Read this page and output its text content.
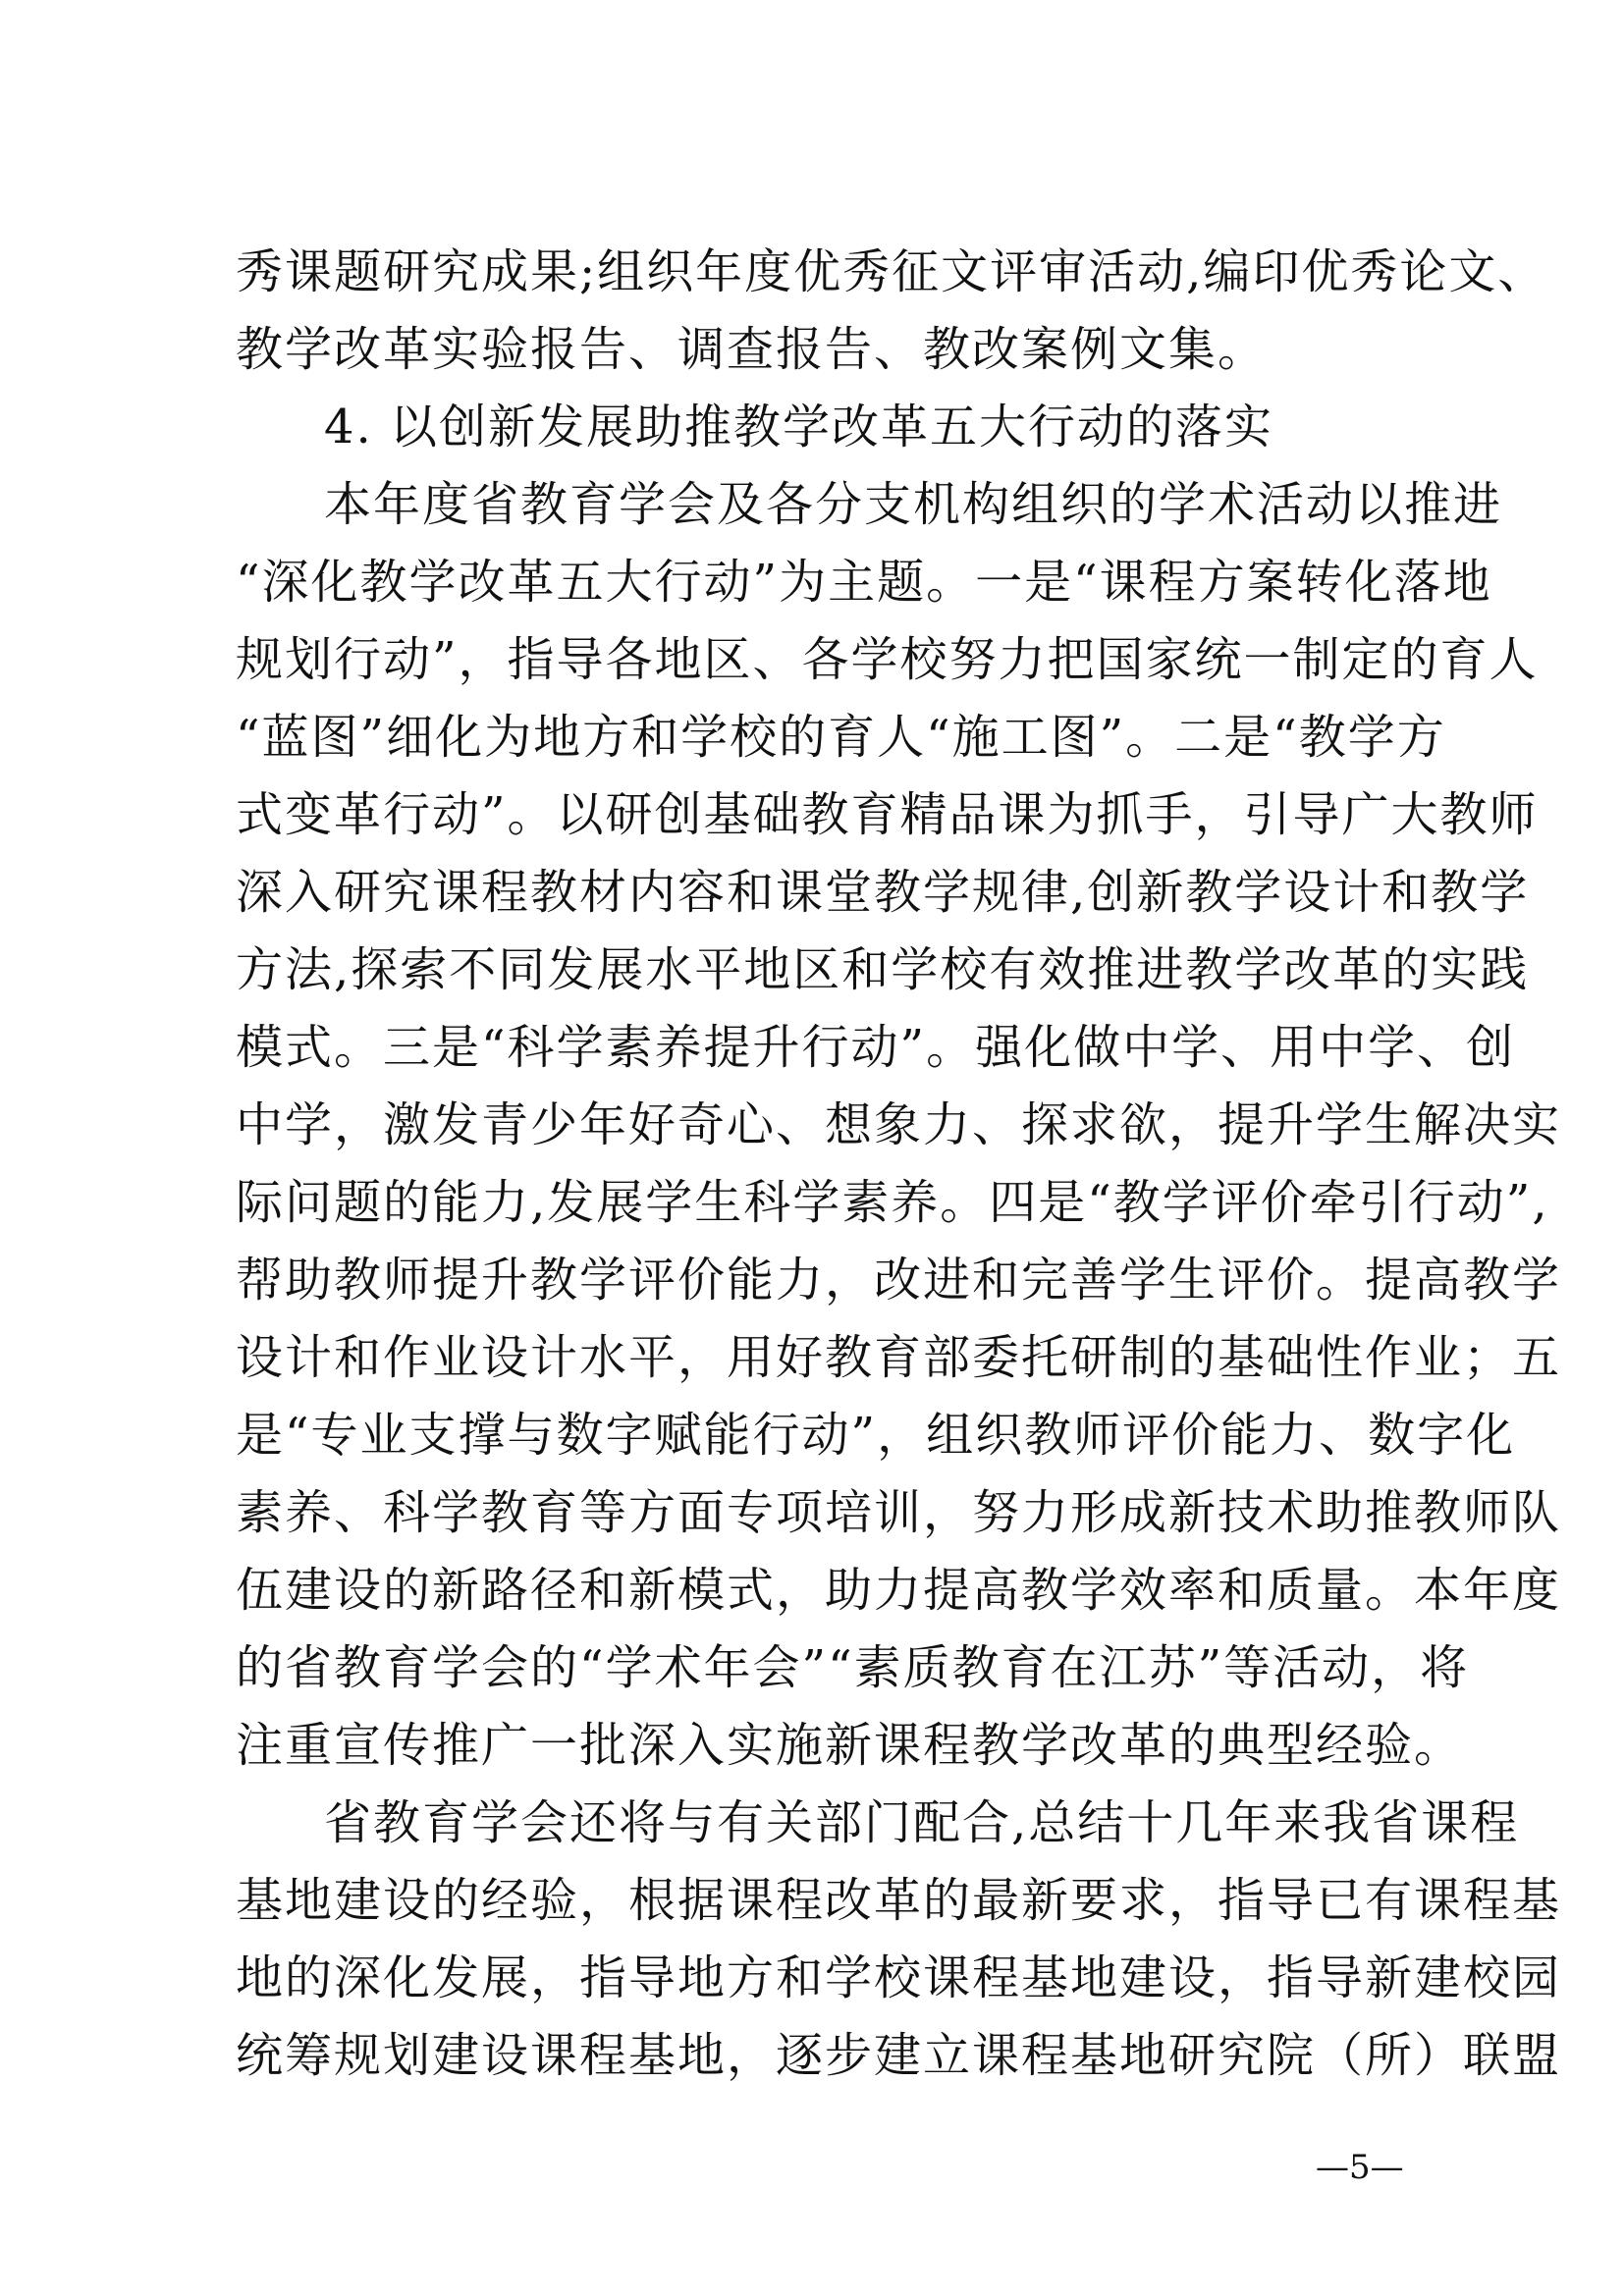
秀课题研究成果;组织年度优秀征文评审活动,编印优秀论文、
教学改革实验报告、调查报告、教改案例文集。
4. 以创新发展助推教学改革五大行动的落实
本年度省教育学会及各分支机构组织的学术活动以推进
“深化教学改革五大行动”为主题。一是“课程方案转化落地
规划行动”，指导各地区、各学校努力把国家统一制定的育人
“蓝图”细化为地方和学校的育人“施工图”。二是“教学方
式变革行动”。以研创基础教育精品课为抓手，引导广大教师
深入研究课程教材内容和课堂教学规律,创新教学设计和教学
方法,探索不同发展水平地区和学校有效推进教学改革的实践
模式。三是“科学素养提升行动”。强化做中学、用中学、创
中学，激发青少年好奇心、想象力、探求欲，提升学生解决实
际问题的能力,发展学生科学素养。四是“教学评价牵引行动”,
帮助教师提升教学评价能力，改进和完善学生评价。提高教学
设计和作业设计水平，用好教育部委托研制的基础性作业；五
是“专业支撑与数字赋能行动”，组织教师评价能力、数字化
素养、科学教育等方面专项培训，努力形成新技术助推教师队
伍建设的新路径和新模式，助力提高教学效率和质量。本年度
的省教育学会的“学术年会”“素质教育在江苏”等活动，将
注重宣传推广一批深入实施新课程教学改革的典型经验。
省教育学会还将与有关部门配合,总结十几年来我省课程
基地建设的经验，根据课程改革的最新要求，指导已有课程基
地的深化发展，指导地方和学校课程基地建设，指导新建校园
统筹规划建设课程基地，逐步建立课程基地研究院（所）联盟
—5—
